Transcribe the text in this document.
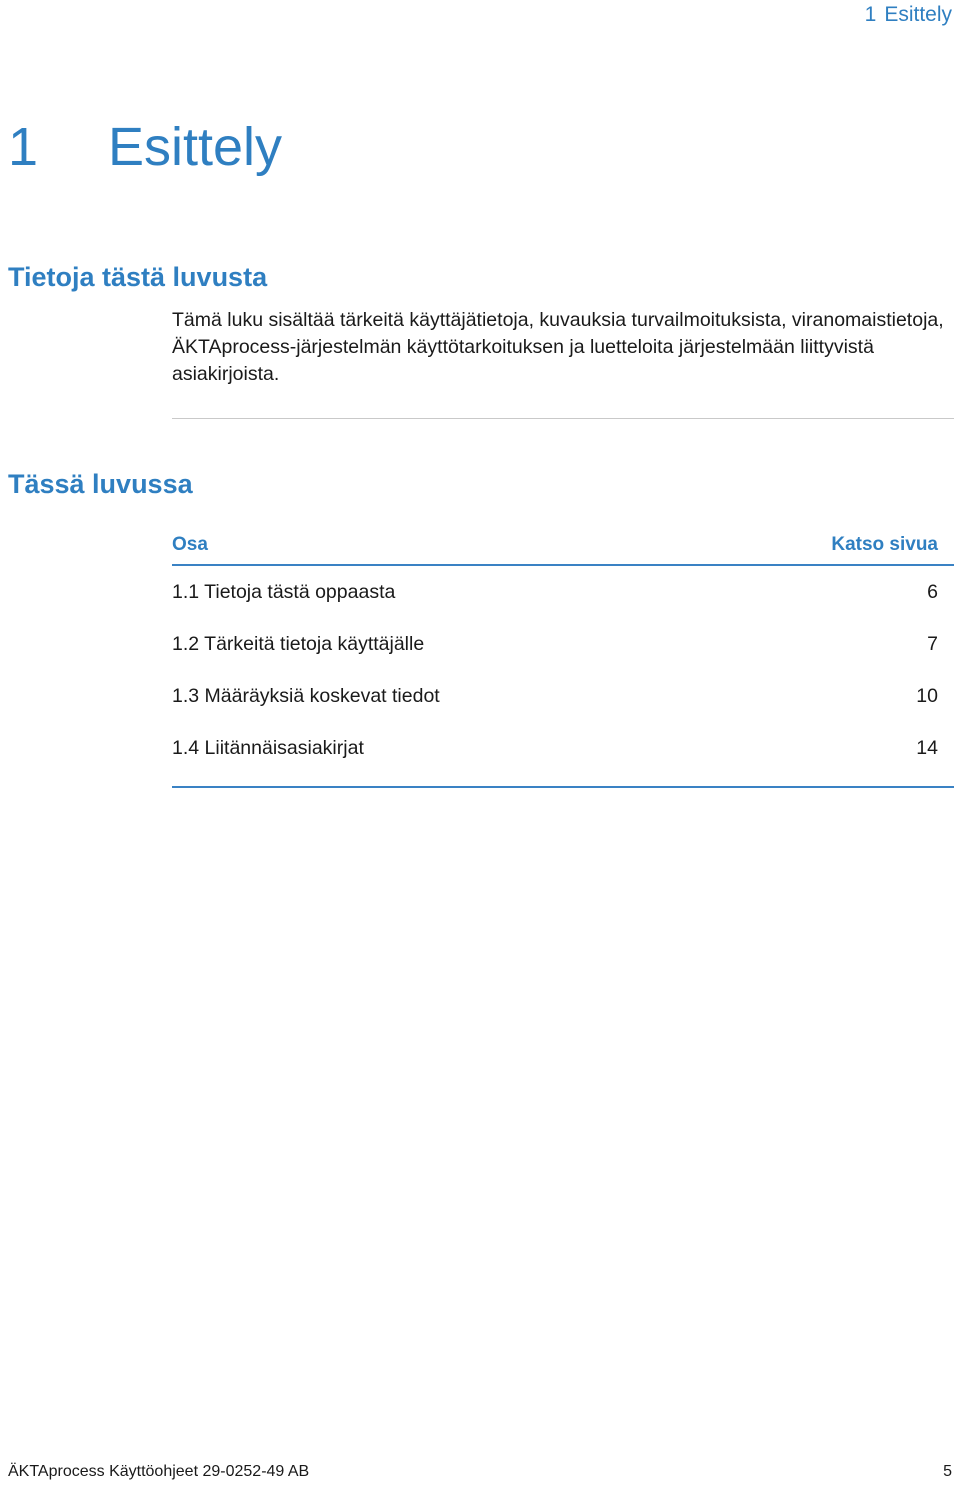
1 Esittely
1 Esittely
Tietoja tästä luvusta

Tämä luku sisältää tärkeitä käyttäjätietoja, kuvauksia turvailmoituksista, viranomaistietoja, ÄKTAprocess-järjestelmän käyttötarkoituksen ja luetteloita järjestelmään liittyvistä asiakirjoista.

Tässä luvussa
Osa	Katso sivua
1.1 Tietoja tästä oppaasta	6
1.2 Tärkeitä tietoja käyttäjälle	7
1.3 Määräyksiä koskevat tiedot	10
1.4 Liitännäisasiakirjat	14
ÄKTAprocess Käyttöohjeet 29-0252-49 AB	5
